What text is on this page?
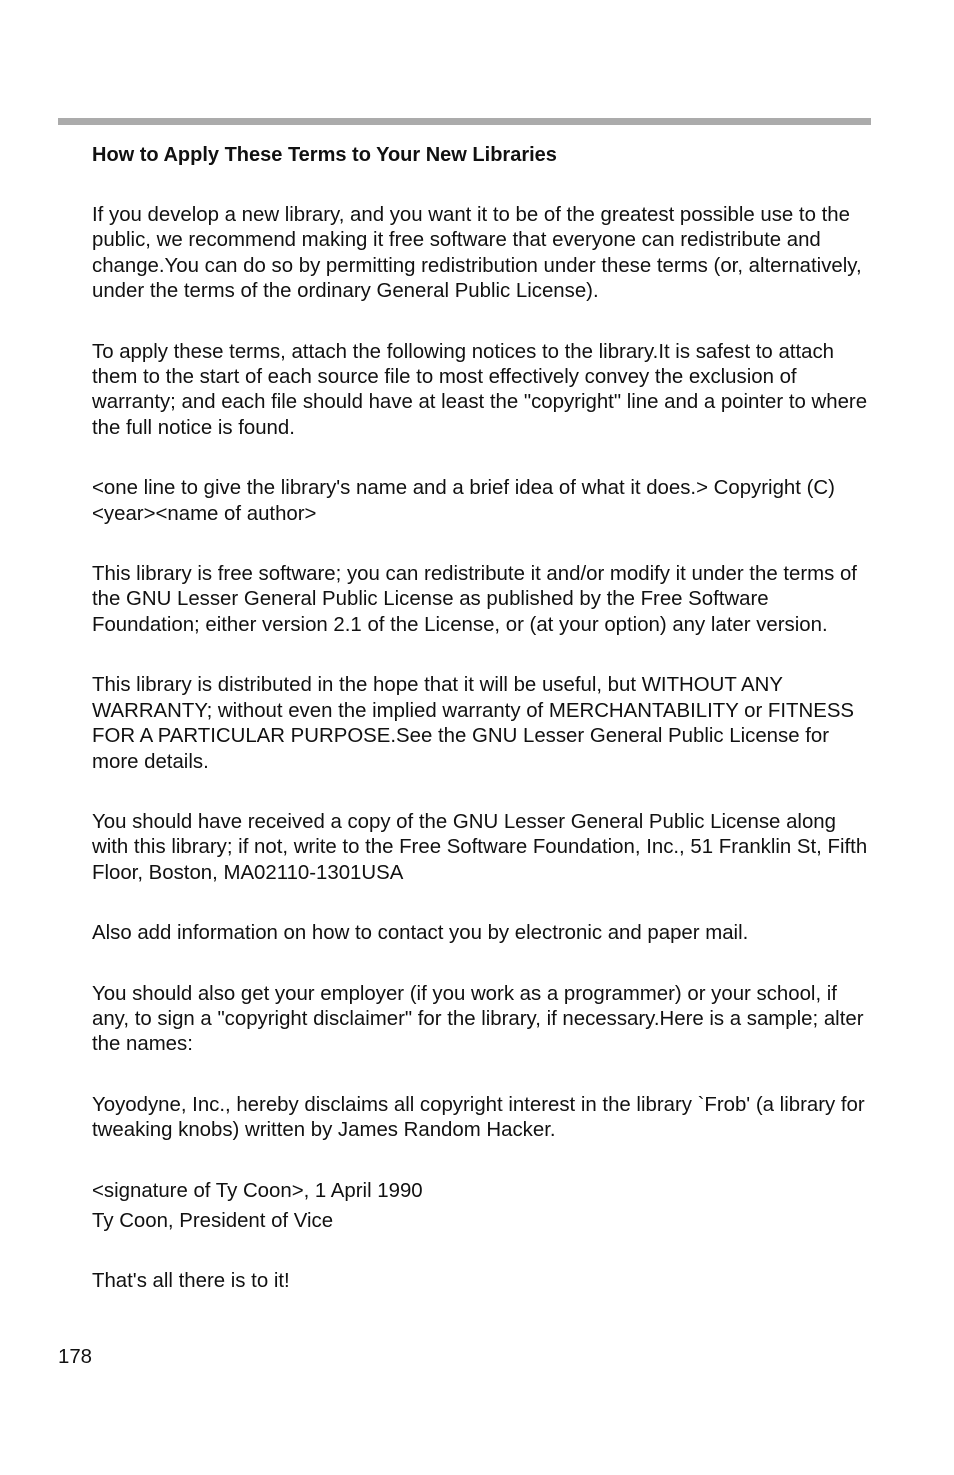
How to Apply These Terms to Your New Libraries

If you develop a new library, and you want it to be of the greatest possible use to the public, we recommend making it free software that everyone can redistribute and change.You can do so by permitting redistribution under these terms (or, alternatively, under the terms of the ordinary General Public License).

To apply these terms, attach the following notices to the library.It is safest to attach them to the start of each source file to most effectively convey the exclusion of warranty; and each file should have at least the "copyright" line and a pointer to where the full notice is found.

<one line to give the library's name and a brief idea of what it does.> Copyright (C) <year><name of author>

This library is free software; you can redistribute it and/or modify it under the terms of the GNU Lesser General Public License as published by the Free Software Foundation; either version 2.1 of the License, or (at your option) any later version.

This library is distributed in the hope that it will be useful, but WITHOUT ANY WARRANTY; without even the implied warranty of MERCHANTABILITY or FITNESS FOR A PARTICULAR PURPOSE.See the GNU Lesser General Public License for more details.

You should have received a copy of the GNU Lesser General Public License along with this library; if not, write to the Free Software Foundation, Inc., 51 Franklin St, Fifth Floor, Boston, MA02110-1301USA

Also add information on how to contact you by electronic and paper mail.

You should also get your employer (if you work as a programmer) or your school, if any, to sign a "copyright disclaimer" for the library, if necessary.Here is a sample; alter the names:

Yoyodyne, Inc., hereby disclaims all copyright interest in the library `Frob' (a library for tweaking knobs) written by James Random Hacker.

<signature of Ty Coon>, 1 April 1990

Ty Coon, President of Vice

That's all there is to it!

178
